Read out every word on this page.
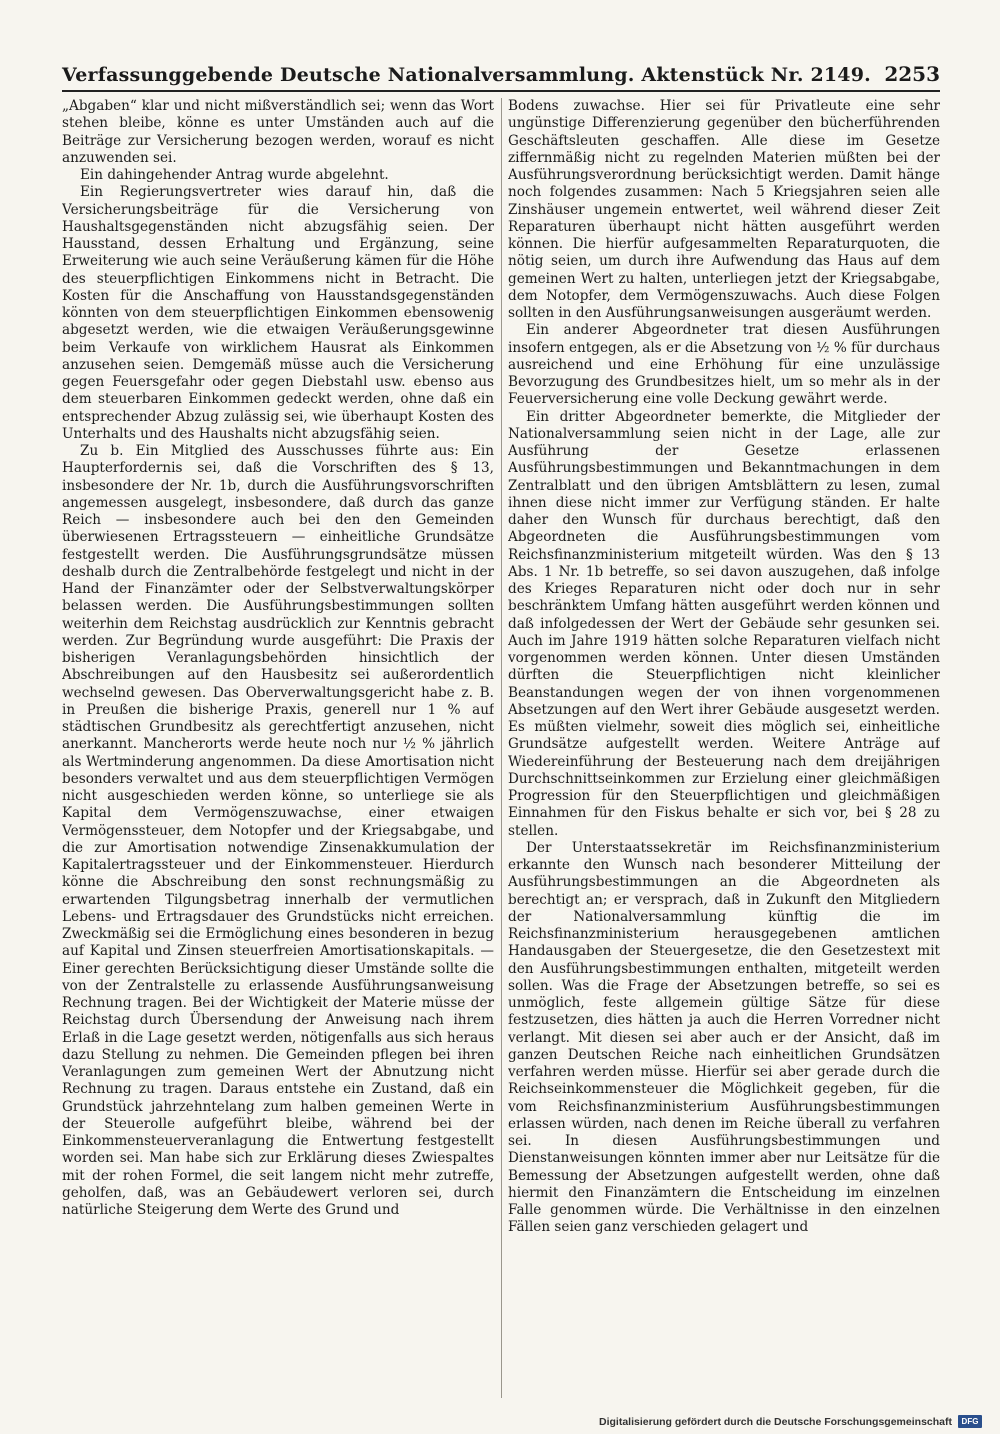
Verfassunggebende Deutsche Nationalversammlung. Aktenstück Nr. 2149. 2253

„Abgaben“ klar und nicht mißverständlich sei; wenn das Wort stehen bleibe, könne es unter Umständen auch auf die Beiträge zur Versicherung bezogen werden, worauf es nicht anzuwenden sei.

Ein dahingehender Antrag wurde abgelehnt.

Ein Regierungsvertreter wies darauf hin, daß die Versicherungsbeiträge für die Versicherung von Haushaltsgegenständen nicht abzugsfähig seien. Der Hausstand, dessen Erhaltung und Ergänzung, seine Erweiterung wie auch seine Veräußerung kämen für die Höhe des steuerpflichtigen Einkommens nicht in Betracht. Die Kosten für die Anschaffung von Hausstandsgegenständen könnten von dem steuerpflichtigen Einkommen ebensowenig abgesetzt werden, wie die etwaigen Veräußerungsgewinne beim Verkaufe von wirklichem Hausrat als Einkommen anzusehen seien. Demgemäß müsse auch die Versicherung gegen Feuersgefahr oder gegen Diebstahl usw. ebenso aus dem steuerbaren Einkommen gedeckt werden, ohne daß ein entsprechender Abzug zulässig sei, wie überhaupt Kosten des Unterhalts und des Haushalts nicht abzugsfähig seien.

Zu b. Ein Mitglied des Ausschusses führte aus: Ein Haupterfordernis sei, daß die Vorschriften des § 13, insbesondere der Nr. 1b, durch die Ausführungsvorschriften angemessen ausgelegt, insbesondere, daß durch das ganze Reich — insbesondere auch bei den den Gemeinden überwiesenen Ertragssteuern — einheitliche Grundsätze festgestellt werden. Die Ausführungsgrundsätze müssen deshalb durch die Zentralbehörde festgelegt und nicht in der Hand der Finanzämter oder der Selbstverwaltungskörper belassen werden. Die Ausführungsbestimmungen sollten weiterhin dem Reichstag ausdrücklich zur Kenntnis gebracht werden. Zur Begründung wurde ausgeführt: Die Praxis der bisherigen Veranlagungsbehörden hinsichtlich der Abschreibungen auf den Hausbesitz sei außerordentlich wechselnd gewesen. Das Oberverwaltungsgericht habe z. B. in Preußen die bisherige Praxis, generell nur 1 % auf städtischen Grundbesitz als gerechtfertigt anzusehen, nicht anerkannt. Mancherorts werde heute noch nur ½ % jährlich als Wertminderung angenommen. Da diese Amortisation nicht besonders verwaltet und aus dem steuerpflichtigen Vermögen nicht ausgeschieden werden könne, so unterliege sie als Kapital dem Vermögenszuwachse, einer etwaigen Vermögenssteuer, dem Notopfer und der Kriegsabgabe, und die zur Amortisation notwendige Zinsenakkumulation der Kapitalertragssteuer und der Einkommensteuer. Hierdurch könne die Abschreibung den sonst rechnungsmäßig zu erwartenden Tilgungsbetrag innerhalb der vermutlichen Lebens- und Ertragsdauer des Grundstücks nicht erreichen. Zweckmäßig sei die Ermöglichung eines besonderen in bezug auf Kapital und Zinsen steuerfreien Amortisationskapitals. — Einer gerechten Berücksichtigung dieser Umstände sollte die von der Zentralstelle zu erlassende Ausführungsanweisung Rechnung tragen. Bei der Wichtigkeit der Materie müsse der Reichstag durch Übersendung der Anweisung nach ihrem Erlaß in die Lage gesetzt werden, nötigenfalls aus sich heraus dazu Stellung zu nehmen. Die Gemeinden pflegen bei ihren Veranlagungen zum gemeinen Wert der Abnutzung nicht Rechnung zu tragen. Daraus entstehe ein Zustand, daß ein Grundstück jahrzehntelang zum halben gemeinen Werte in der Steuerolle aufgeführt bleibe, während bei der Einkommensteuerveranlagung die Entwertung festgestellt worden sei. Man habe sich zur Erklärung dieses Zwiespaltes mit der rohen Formel, die seit langem nicht mehr zutreffe, geholfen, daß, was an Gebäudewert verloren sei, durch natürliche Steigerung dem Werte des Grund und

Bodens zuwachse. Hier sei für Privatleute eine sehr ungünstige Differenzierung gegenüber den bücherführenden Geschäftsleuten geschaffen. Alle diese im Gesetze ziffernmäßig nicht zu regelnden Materien müßten bei der Ausführungsverordnung berücksichtigt werden. Damit hänge noch folgendes zusammen: Nach 5 Kriegsjahren seien alle Zinshäuser ungemein entwertet, weil während dieser Zeit Reparaturen überhaupt nicht hätten ausgeführt werden können. Die hierfür aufgesammelten Reparaturquoten, die nötig seien, um durch ihre Aufwendung das Haus auf dem gemeinen Wert zu halten, unterliegen jetzt der Kriegsabgabe, dem Notopfer, dem Vermögenszuwachs. Auch diese Folgen sollten in den Ausführungsanweisungen ausgeräumt werden.

Ein anderer Abgeordneter trat diesen Ausführungen insofern entgegen, als er die Absetzung von ½ % für durchaus ausreichend und eine Erhöhung für eine unzulässige Bevorzugung des Grundbesitzes hielt, um so mehr als in der Feuerversicherung eine volle Deckung gewährt werde.

Ein dritter Abgeordneter bemerkte, die Mitglieder der Nationalversammlung seien nicht in der Lage, alle zur Ausführung der Gesetze erlassenen Ausführungsbestimmungen und Bekanntmachungen in dem Zentralblatt und den übrigen Amtsblättern zu lesen, zumal ihnen diese nicht immer zur Verfügung ständen. Er halte daher den Wunsch für durchaus berechtigt, daß den Abgeordneten die Ausführungsbestimmungen vom Reichsfinanzministerium mitgeteilt würden. Was den § 13 Abs. 1 Nr. 1b betreffe, so sei davon auszugehen, daß infolge des Krieges Reparaturen nicht oder doch nur in sehr beschränktem Umfang hätten ausgeführt werden können und daß infolgedessen der Wert der Gebäude sehr gesunken sei. Auch im Jahre 1919 hätten solche Reparaturen vielfach nicht vorgenommen werden können. Unter diesen Umständen dürften die Steuerpflichtigen nicht kleinlicher Beanstandungen wegen der von ihnen vorgenommenen Absetzungen auf den Wert ihrer Gebäude ausgesetzt werden. Es müßten vielmehr, soweit dies möglich sei, einheitliche Grundsätze aufgestellt werden. Weitere Anträge auf Wiedereinführung der Besteuerung nach dem dreijährigen Durchschnittseinkommen zur Erzielung einer gleichmäßigen Progression für den Steuerpflichtigen und gleichmäßigen Einnahmen für den Fiskus behalte er sich vor, bei § 28 zu stellen.

Der Unterstaatssekretär im Reichsfinanzministerium erkannte den Wunsch nach besonderer Mitteilung der Ausführungsbestimmungen an die Abgeordneten als berechtigt an; er versprach, daß in Zukunft den Mitgliedern der Nationalversammlung künftig die im Reichsfinanzministerium herausgegebenen amtlichen Handausgaben der Steuergesetze, die den Gesetzestext mit den Ausführungsbestimmungen enthalten, mitgeteilt werden sollen. Was die Frage der Absetzungen betreffe, so sei es unmöglich, feste allgemein gültige Sätze für diese festzusetzen, dies hätten ja auch die Herren Vorredner nicht verlangt. Mit diesen sei aber auch er der Ansicht, daß im ganzen Deutschen Reiche nach einheitlichen Grundsätzen verfahren werden müsse. Hierfür sei aber gerade durch die Reichseinkommensteuer die Möglichkeit gegeben, für die vom Reichsfinanzministerium Ausführungsbestimmungen erlassen würden, nach denen im Reiche überall zu verfahren sei. In diesen Ausführungsbestimmungen und Dienstanweisungen könnten immer aber nur Leitsätze für die Bemessung der Absetzungen aufgestellt werden, ohne daß hiermit den Finanzämtern die Entscheidung im einzelnen Falle genommen würde. Die Verhältnisse in den einzelnen Fällen seien ganz verschieden gelagert und

Digitalisierung gefördert durch die Deutsche Forschungsgemeinschaft	DFG
